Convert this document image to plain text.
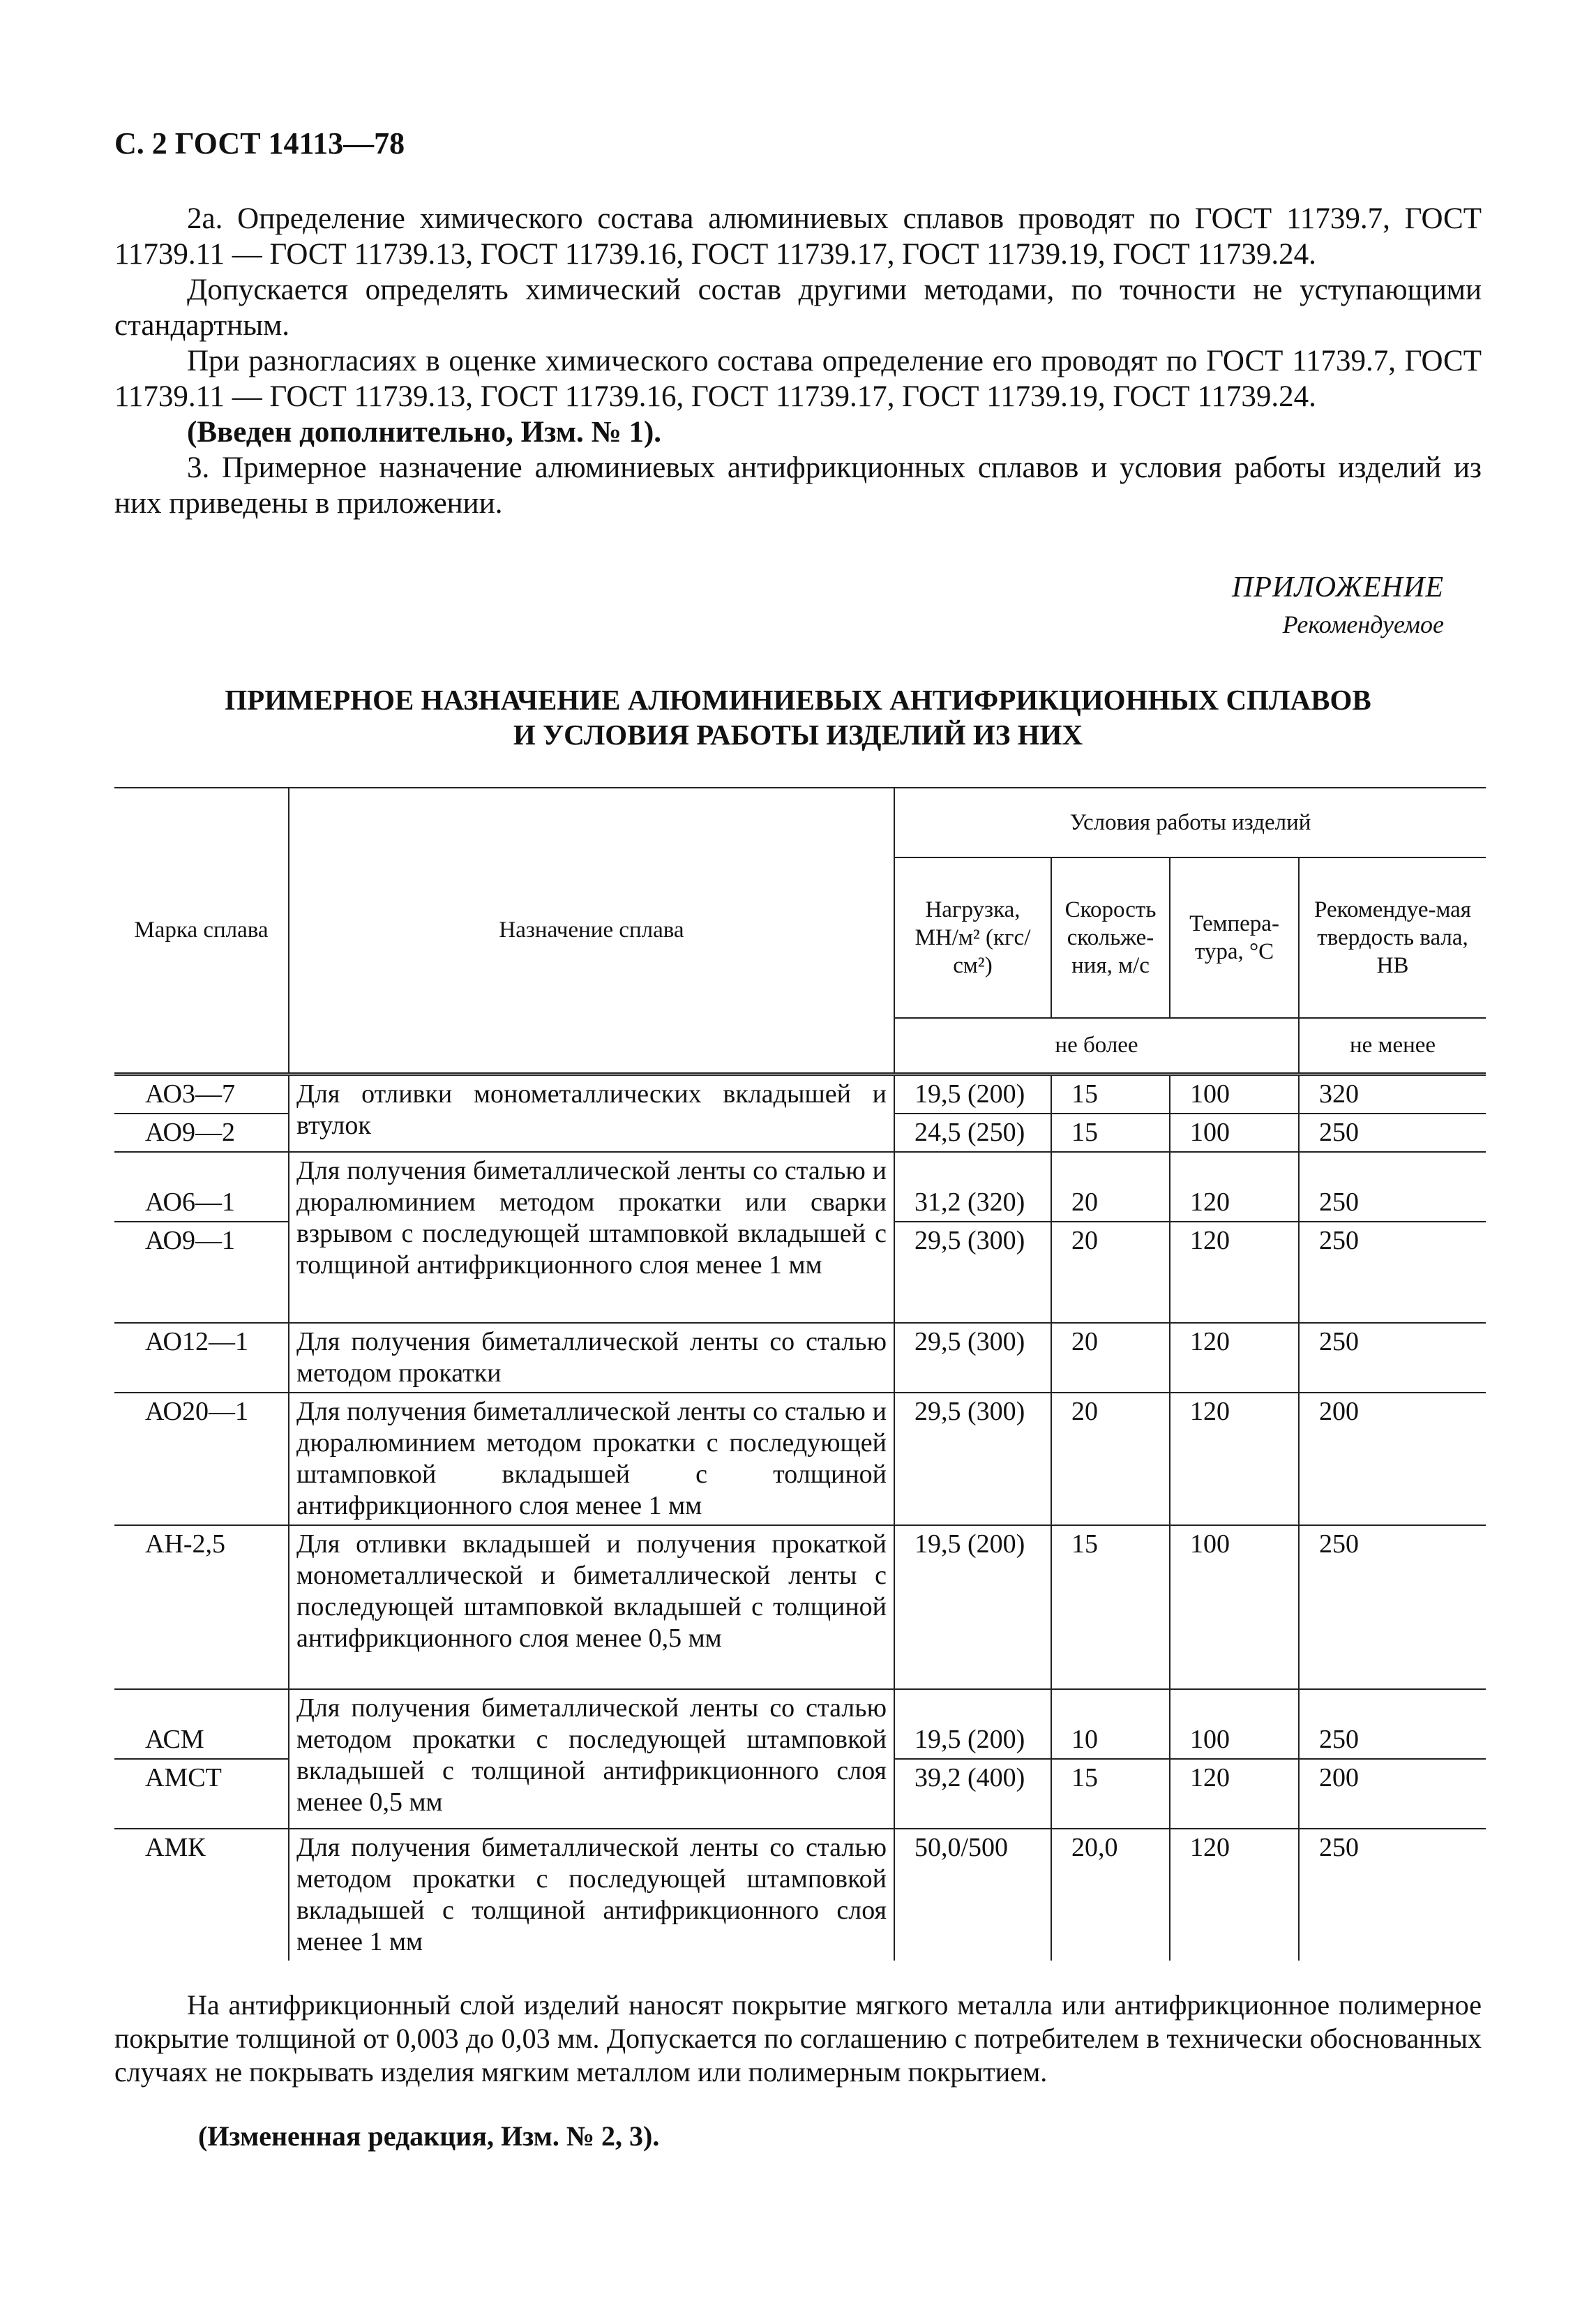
С. 2 ГОСТ 14113—78

2а. Определение химического состава алюминиевых сплавов проводят по ГОСТ 11739.7, ГОСТ 11739.11 — ГОСТ 11739.13, ГОСТ 11739.16, ГОСТ 11739.17, ГОСТ 11739.19, ГОСТ 11739.24.

Допускается определять химический состав другими методами, по точности не уступающими стандартным.

При разногласиях в оценке химического состава определение его проводят по ГОСТ 11739.7, ГОСТ 11739.11 — ГОСТ 11739.13, ГОСТ 11739.16, ГОСТ 11739.17, ГОСТ 11739.19, ГОСТ 11739.24.

(Введен дополнительно, Изм. № 1).

3. Примерное назначение алюминиевых антифрикционных сплавов и условия работы изделий из них приведены в приложении.

ПРИЛОЖЕНИЕ
Рекомендуемое
ПРИМЕРНОЕ НАЗНАЧЕНИЕ АЛЮМИНИЕВЫХ АНТИФРИКЦИОННЫХ СПЛАВОВ
И УСЛОВИЯ РАБОТЫ ИЗДЕЛИЙ ИЗ НИХ
Марка сплава	Назначение сплава	Условия работы изделий			
		Нагрузка, МН/м² (кгс/см²)	Скорость скольже-ния, м/с	Темпера-тура, °С	Рекомендуе-мая твердость вала, НВ
		не более			не менее
АО3—7	Для отливки монометаллических вкладышей и втулок	19,5 (200)	15	100	320
АО9—2		24,5 (250)	15	100	250
АО6—1	Для получения биметаллической ленты со сталью и дюралюминием методом прокатки или сварки взрывом с последующей штамповкой вкладышей с толщиной антифрикционного слоя менее 1 мм	31,2 (320)	20	120	250
АО9—1		29,5 (300)	20	120	250
АО12—1	Для получения биметаллической ленты со сталью методом прокатки	29,5 (300)	20	120	250
АО20—1	Для получения биметаллической ленты со сталью и дюралюминием методом прокатки с последующей штамповкой вкладышей с толщиной антифрикционного слоя менее 1 мм	29,5 (300)	20	120	200
АН-2,5	Для отливки вкладышей и получения прокаткой монометаллической и биметаллической ленты с последующей штамповкой вкладышей с толщиной антифрикционного слоя менее 0,5 мм	19,5 (200)	15	100	250
АСМ	Для получения биметаллической ленты со сталью методом прокатки с последующей штамповкой вкладышей с толщиной антифрикционного слоя менее 0,5 мм	19,5 (200)	10	100	250
АМСТ		39,2 (400)	15	120	200
АМК	Для получения биметаллической ленты со сталью методом прокатки с последующей штамповкой вкладышей с толщиной антифрикционного слоя менее 1 мм	50,0/500	20,0	120	250

На антифрикционный слой изделий наносят покрытие мягкого металла или антифрикционное полимерное покрытие толщиной от 0,003 до 0,03 мм. Допускается по соглашению с потребителем в технически обоснованных случаях не покрывать изделия мягким металлом или полимерным покрытием.

(Измененная редакция, Изм. № 2, 3).
